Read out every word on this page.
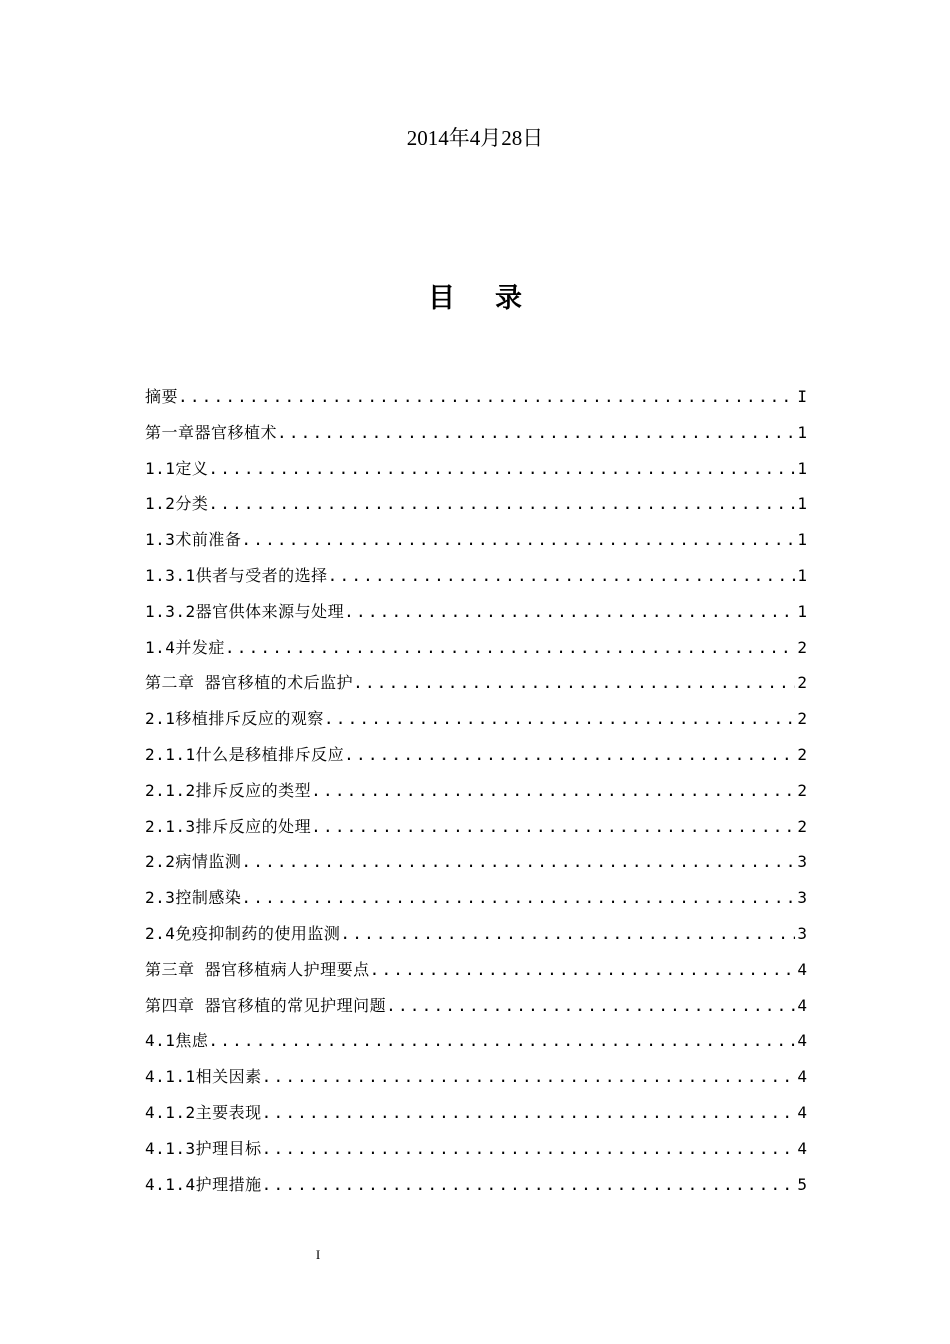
2014年4月28日
目 录
摘要 .....	I
第一章器官移植术 .....	1
1.1定义 .....	1
1.2分类 .....	1
1.3术前准备 .....	1
1.3.1供者与受者的选择 .....	1
1.3.2器官供体来源与处理 .....	1
1.4并发症 .....	2
第二章 器官移植的术后监护 .....	2
2.1移植排斥反应的观察 .....	2
2.1.1什么是移植排斥反应 .....	2
2.1.2排斥反应的类型 .....	2
2.1.3排斥反应的处理 .....	2
2.2病情监测 .....	3
2.3控制感染 .....	3
2.4免疫抑制药的使用监测 .....	3
第三章 器官移植病人护理要点 .....	4
第四章 器官移植的常见护理问题 .....	4
4.1焦虑 .....	4
4.1.1相关因素 .....	4
4.1.2主要表现 .....	4
4.1.3护理目标 .....	4
4.1.4护理措施 .....	5
I
